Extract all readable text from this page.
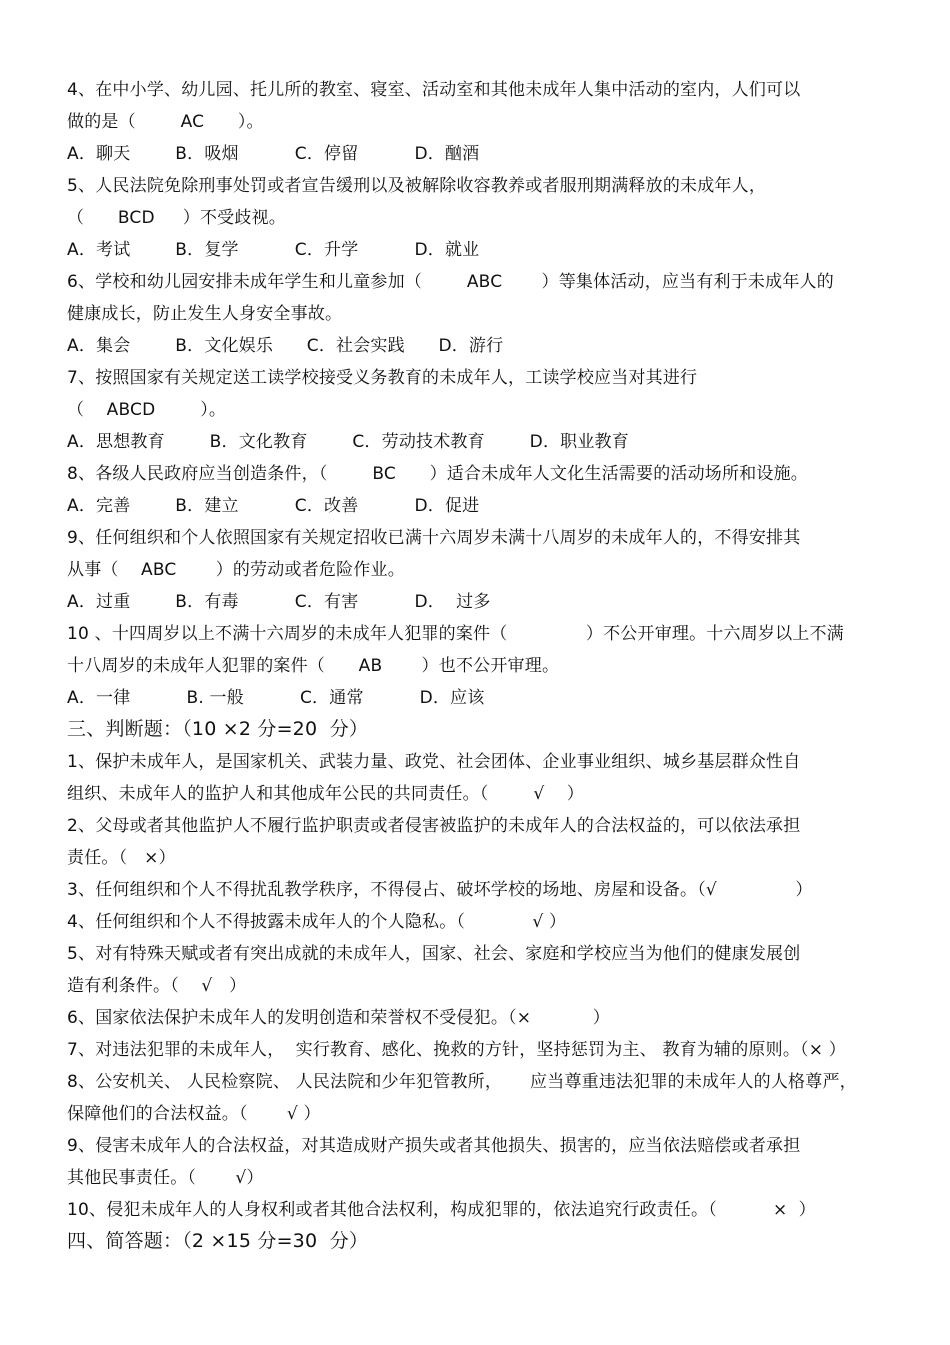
4、在中小学、幼儿园、托儿所的教室、寝室、活动室和其他未成年人集中活动的室内，人们可以
做的是（        AC      ）。
A．聊天        B．吸烟          C．停留          D．酗酒
5、人民法院免除刑事处罚或者宣告缓刑以及被解除收容教养或者服刑期满释放的未成年人，
（      BCD     ）不受歧视。
A．考试        B．复学          C．升学          D．就业
6、学校和幼儿园安排未成年学生和儿童参加（        ABC       ）等集体活动，应当有利于未成年人的
健康成长，防止发生人身安全事故。
A．集会        B．文化娱乐      C．社会实践      D．游行
7、按照国家有关规定送工读学校接受义务教育的未成年人，工读学校应当对其进行
（    ABCD        ）。
A．思想教育        B．文化教育        C．劳动技术教育        D．职业教育
8、各级人民政府应当创造条件，（        BC      ）适合未成年人文化生活需要的活动场所和设施。
A．完善        B．建立          C．改善          D．促进
9、任何组织和个人依照国家有关规定招收已满十六周岁未满十八周岁的未成年人的，不得安排其
从事（    ABC       ）的劳动或者危险作业。
A．过重        B．有毒          C．有害          D．  过多
10 、十四周岁以上不满十六周岁的未成年人犯罪的案件（              ）不公开审理。十六周岁以上不满
十八周岁的未成年人犯罪的案件（      AB       ）也不公开审理。
A．一律          B. 一般          C．通常          D．应该
三、判断题：（10 ×2 分=20  分）
1、保护未成年人，是国家机关、武装力量、政党、社会团体、企业事业组织、城乡基层群众性自
组织、未成年人的监护人和其他成年公民的共同责任。（        √    ）
2、父母或者其他监护人不履行监护职责或者侵害被监护的未成年人的合法权益的，可以依法承担
责任。（   ×）
3、任何组织和个人不得扰乱教学秩序，不得侵占、破坏学校的场地、房屋和设备。（√              ）
4、任何组织和个人不得披露未成年人的个人隐私。（            √ ）
5、对有特殊天赋或者有突出成就的未成年人，国家、社会、家庭和学校应当为他们的健康发展创
造有利条件。（    √   ）
6、国家依法保护未成年人的发明创造和荣誉权不受侵犯。（×           ）
7、对违法犯罪的未成年人，  实行教育、感化、挽救的方针，坚持惩罚为主、 教育为辅的原则。（× ）
8、公安机关、 人民检察院、 人民法院和少年犯管教所，     应当尊重违法犯罪的未成年人的人格尊严，
保障他们的合法权益。（       √ ）
9、侵害未成年人的合法权益，对其造成财产损失或者其他损失、损害的，应当依法赔偿或者承担
其他民事责任。（       √）
10、侵犯未成年人的人身权利或者其他合法权利，构成犯罪的，依法追究行政责任。（          ×  ）
四、简答题：（2 ×15 分=30  分）
